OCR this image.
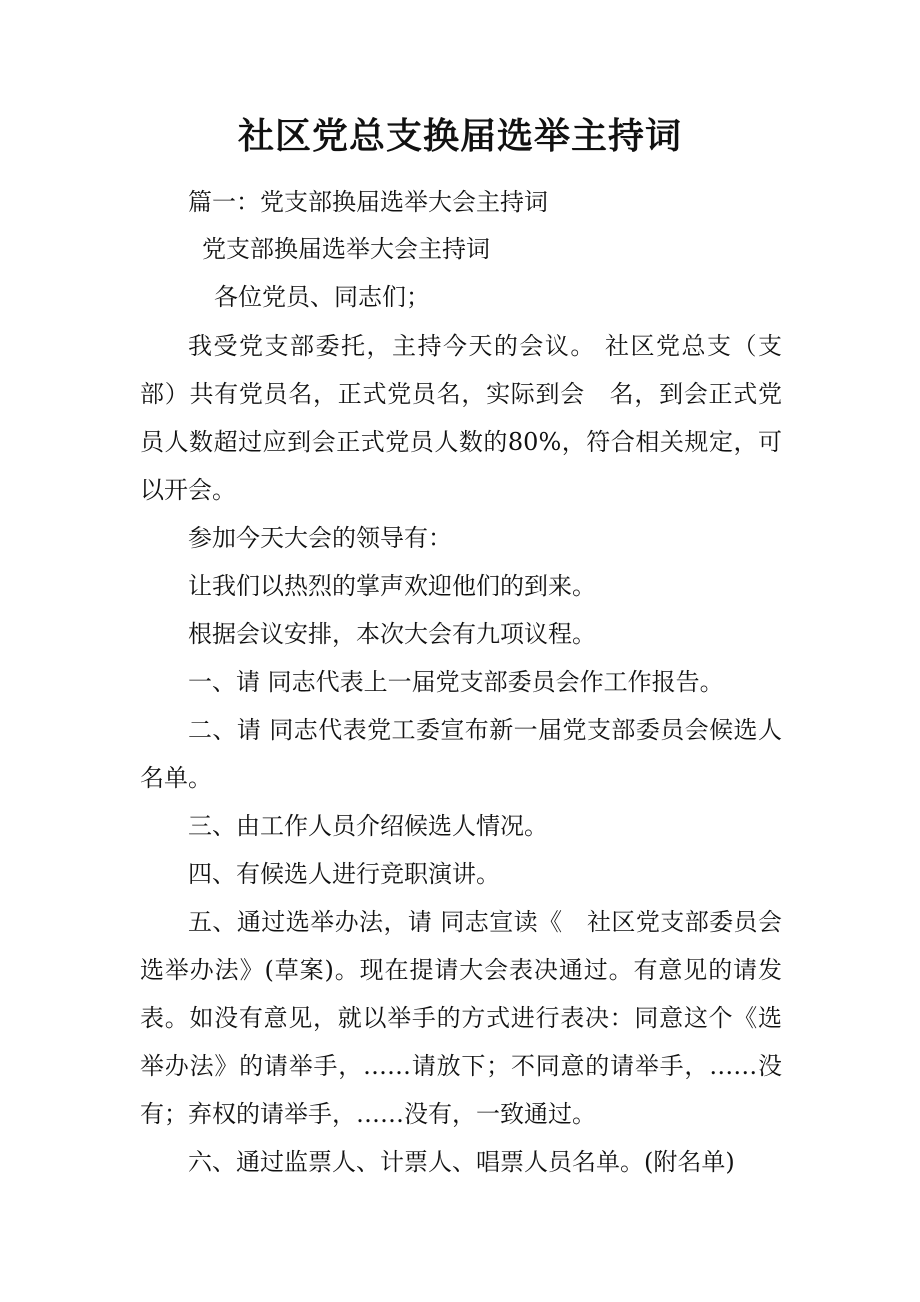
社区党总支换届选举主持词

篇一：党支部换届选举大会主持词

党支部换届选举大会主持词

各位党员、同志们；

我受党支部委托，主持今天的会议。 社区党总支（支部）共有党员名，正式党员名，实际到会　名，到会正式党员人数超过应到会正式党员人数的80%，符合相关规定，可以开会。

参加今天大会的领导有：

让我们以热烈的掌声欢迎他们的到来。

根据会议安排，本次大会有九项议程。

一、请 同志代表上一届党支部委员会作工作报告。

二、请 同志代表党工委宣布新一届党支部委员会候选人名单。

三、由工作人员介绍候选人情况。

四、有候选人进行竞职演讲。

五、通过选举办法，请 同志宣读《　社区党支部委员会选举办法》(草案)。现在提请大会表决通过。有意见的请发表。如没有意见，就以举手的方式进行表决：同意这个《选举办法》的请举手，……请放下；不同意的请举手，……没有；弃权的请举手，……没有，一致通过。

六、通过监票人、计票人、唱票人员名单。(附名单)
